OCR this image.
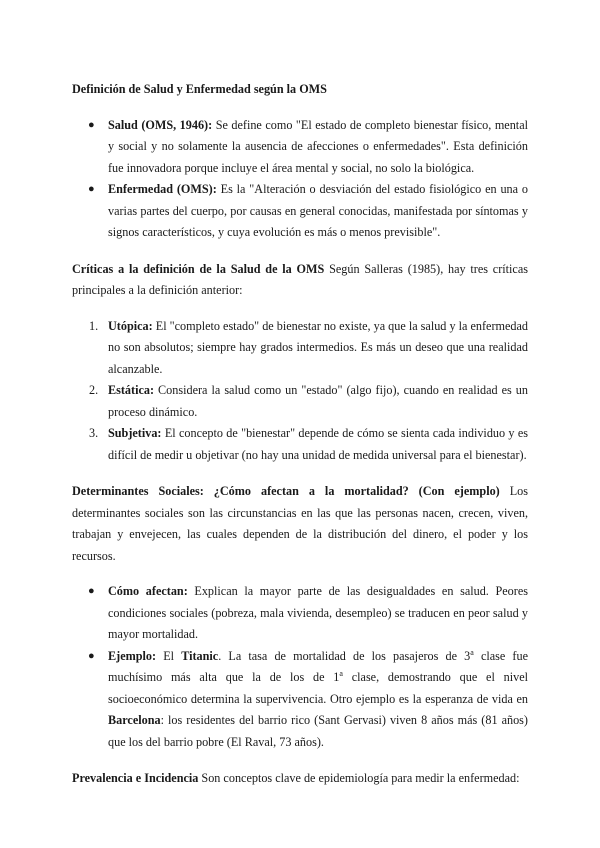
Definición de Salud y Enfermedad según la OMS

● Salud (OMS, 1946): Se define como "El estado de completo bienestar físico, mental y social y no solamente la ausencia de afecciones o enfermedades". Esta definición fue innovadora porque incluye el área mental y social, no solo la biológica.
● Enfermedad (OMS): Es la "Alteración o desviación del estado fisiológico en una o varias partes del cuerpo, por causas en general conocidas, manifestada por síntomas y signos característicos, y cuya evolución es más o menos previsible".

Críticas a la definición de la Salud de la OMS Según Salleras (1985), hay tres críticas principales a la definición anterior:

1. Utópica: El "completo estado" de bienestar no existe, ya que la salud y la enfermedad no son absolutos; siempre hay grados intermedios. Es más un deseo que una realidad alcanzable.
2. Estática: Considera la salud como un "estado" (algo fijo), cuando en realidad es un proceso dinámico.
3. Subjetiva: El concepto de "bienestar" depende de cómo se sienta cada individuo y es difícil de medir u objetivar (no hay una unidad de medida universal para el bienestar).

Determinantes Sociales: ¿Cómo afectan a la mortalidad? (Con ejemplo) Los determinantes sociales son las circunstancias en las que las personas nacen, crecen, viven, trabajan y envejecen, las cuales dependen de la distribución del dinero, el poder y los recursos.

● Cómo afectan: Explican la mayor parte de las desigualdades en salud. Peores condiciones sociales (pobreza, mala vivienda, desempleo) se traducen en peor salud y mayor mortalidad.
● Ejemplo: El Titanic. La tasa de mortalidad de los pasajeros de 3$^a$ clase fue muchísimo más alta que la de los de 1$^a$ clase, demostrando que el nivel socioeconómico determina la supervivencia. Otro ejemplo es la esperanza de vida en Barcelona: los residentes del barrio rico (Sant Gervasi) viven 8 años más (81 años) que los del barrio pobre (El Raval, 73 años).

Prevalencia e Incidencia Son conceptos clave de epidemiología para medir la enfermedad:
